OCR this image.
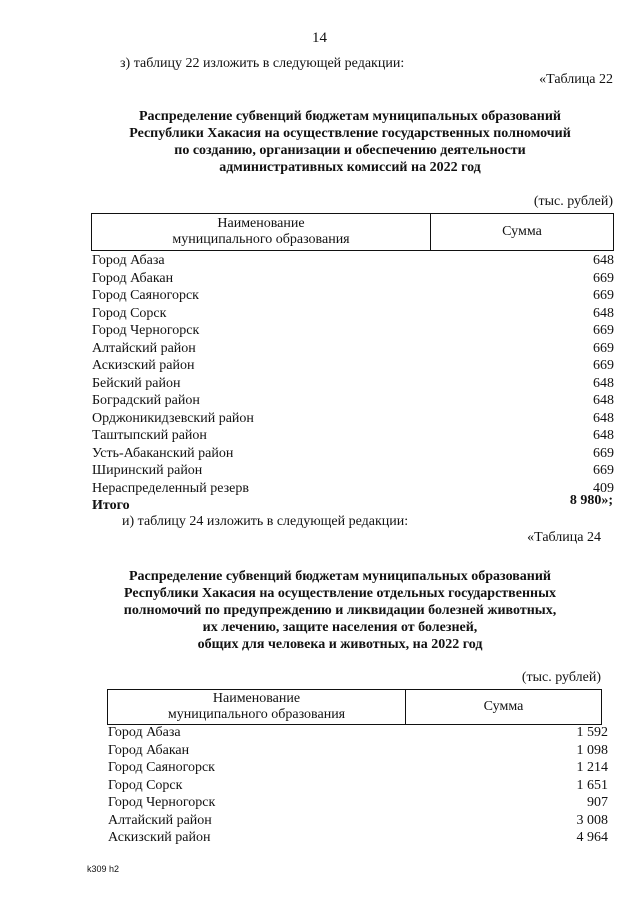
14
з) таблицу 22 изложить в следующей редакции:
«Таблица 22
Распределение субвенций бюджетам муниципальных образований
Республики Хакасия на осуществление государственных полномочий
по созданию, организации и обеспечению деятельности
административных комиссий на 2022 год
(тыс. рублей)
Наименование
муниципального образования
Сумма
Город Абаза	648
Город Абакан	669
Город Саяногорск	669
Город Сорск	648
Город Черногорск	669
Алтайский район	669
Аскизский район	669
Бейский район	648
Боградский район	648
Орджоникидзевский район	648
Таштыпский район	648
Усть-Абаканский район	669
Ширинский район	669
Нераспределенный резерв	409
Итого	8 980»;
и) таблицу 24 изложить в следующей редакции:
«Таблица 24
Распределение субвенций бюджетам муниципальных образований
Республики Хакасия на осуществление отдельных государственных
полномочий по предупреждению и ликвидации болезней животных,
их лечению, защите населения от болезней,
общих для человека и животных, на 2022 год
(тыс. рублей)
Наименование
муниципального образования
Сумма
Город Абаза	1 592
Город Абакан	1 098
Город Саяногорск	1 214
Город Сорск	1 651
Город Черногорск	907
Алтайский район	3 008
Аскизский район	4 964
k309 h2
